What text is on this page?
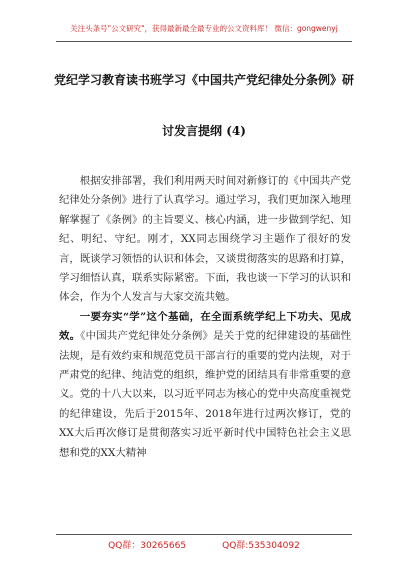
关注头条号"公文研究"，获得最新最全最专业的公文资料库！ 微信：gongwenyj
党纪学习教育读书班学习《中国共产党纪律处分条例》研
讨发言提纲 (4)

根据安排部署，我们利用两天时间对新修订的《中国共产党纪律处分条例》进行了认真学习。通过学习，我们更加深入地理解掌握了《条例》的主旨要义、核心内涵，进一步做到学纪、知纪、明纪、守纪。刚才，XX同志围绕学习主题作了很好的发言，既谈学习领悟的认识和体会，又谈贯彻落实的思路和打算，学习细悟认真，联系实际紧密。下面，我也谈一下学习的认识和体会，作为个人发言与大家交流共勉。

一要夯实“学”这个基础，在全面系统学纪上下功夫、见成效。《中国共产党纪律处分条例》是关于党的纪律建设的基础性法规，是有效约束和规范党员干部言行的重要的党内法规，对于严肃党的纪律、纯洁党的组织，维护党的团结具有非常重要的意义。党的十八大以来，以习近平同志为核心的党中央高度重视党的纪律建设，先后于2015年、2018年进行过两次修订，党的XX大后再次修订是贯彻落实习近平新时代中国特色社会主义思想和党的XX大精神

QQ群：30265665	QQ群:535304092
